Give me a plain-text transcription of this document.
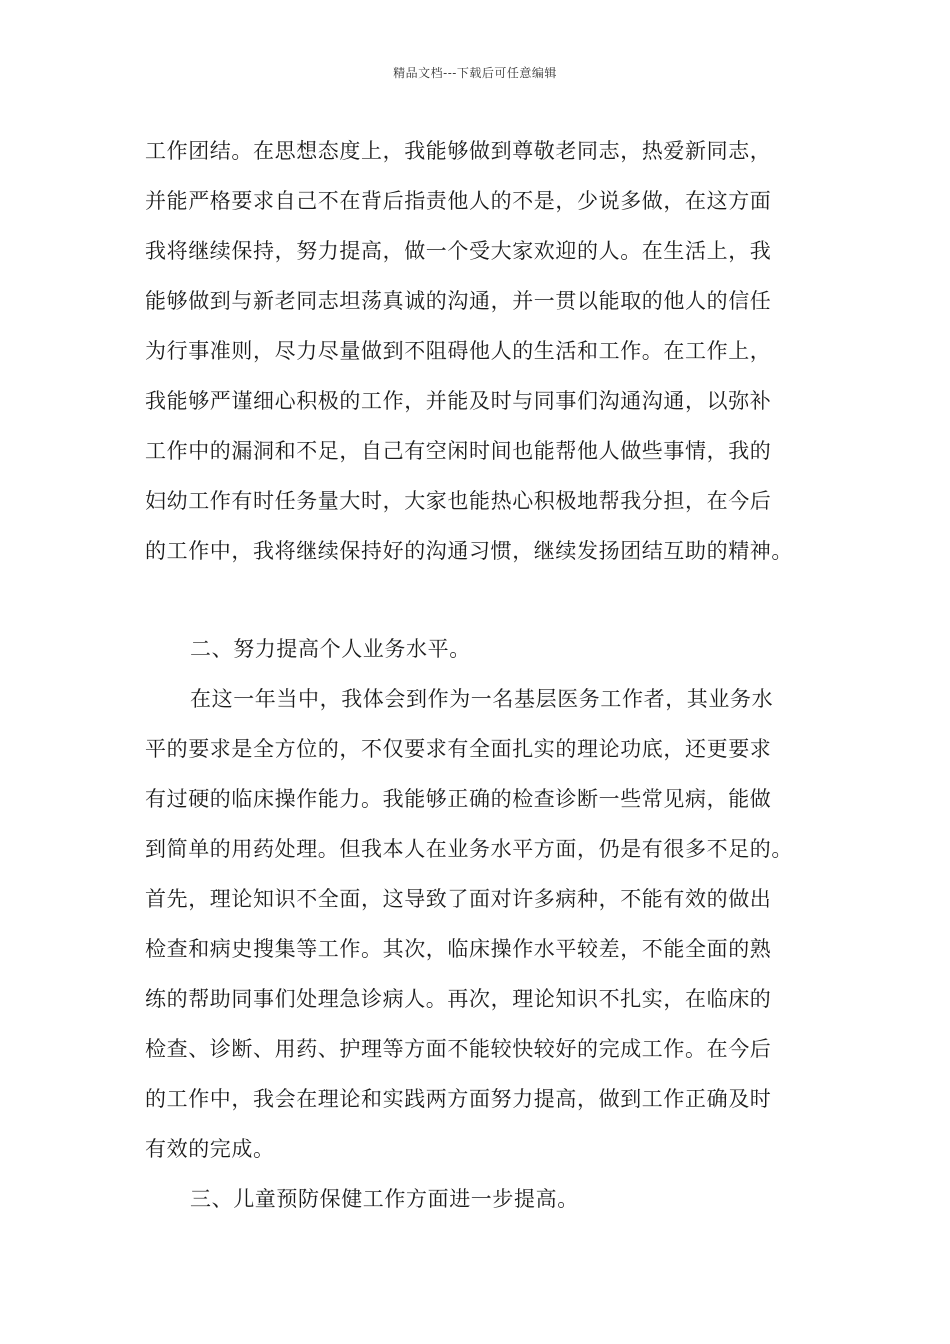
精品文档---下载后可任意编辑
工作团结。在思想态度上，我能够做到尊敬老同志，热爱新同志，
并能严格要求自己不在背后指责他人的不是，少说多做，在这方面
我将继续保持，努力提高，做一个受大家欢迎的人。在生活上，我
能够做到与新老同志坦荡真诚的沟通，并一贯以能取的他人的信任
为行事准则，尽力尽量做到不阻碍他人的生活和工作。在工作上，
我能够严谨细心积极的工作，并能及时与同事们沟通沟通，以弥补
工作中的漏洞和不足，自己有空闲时间也能帮他人做些事情，我的
妇幼工作有时任务量大时，大家也能热心积极地帮我分担，在今后
的工作中，我将继续保持好的沟通习惯，继续发扬团结互助的精神。
二、努力提高个人业务水平。
在这一年当中，我体会到作为一名基层医务工作者，其业务水
平的要求是全方位的，不仅要求有全面扎实的理论功底，还更要求
有过硬的临床操作能力。我能够正确的检查诊断一些常见病，能做
到简单的用药处理。但我本人在业务水平方面，仍是有很多不足的。
首先，理论知识不全面，这导致了面对许多病种，不能有效的做出
检查和病史搜集等工作。其次，临床操作水平较差，不能全面的熟
练的帮助同事们处理急诊病人。再次，理论知识不扎实，在临床的
检查、诊断、用药、护理等方面不能较快较好的完成工作。在今后
的工作中，我会在理论和实践两方面努力提高，做到工作正确及时
有效的完成。
三、儿童预防保健工作方面进一步提高。
